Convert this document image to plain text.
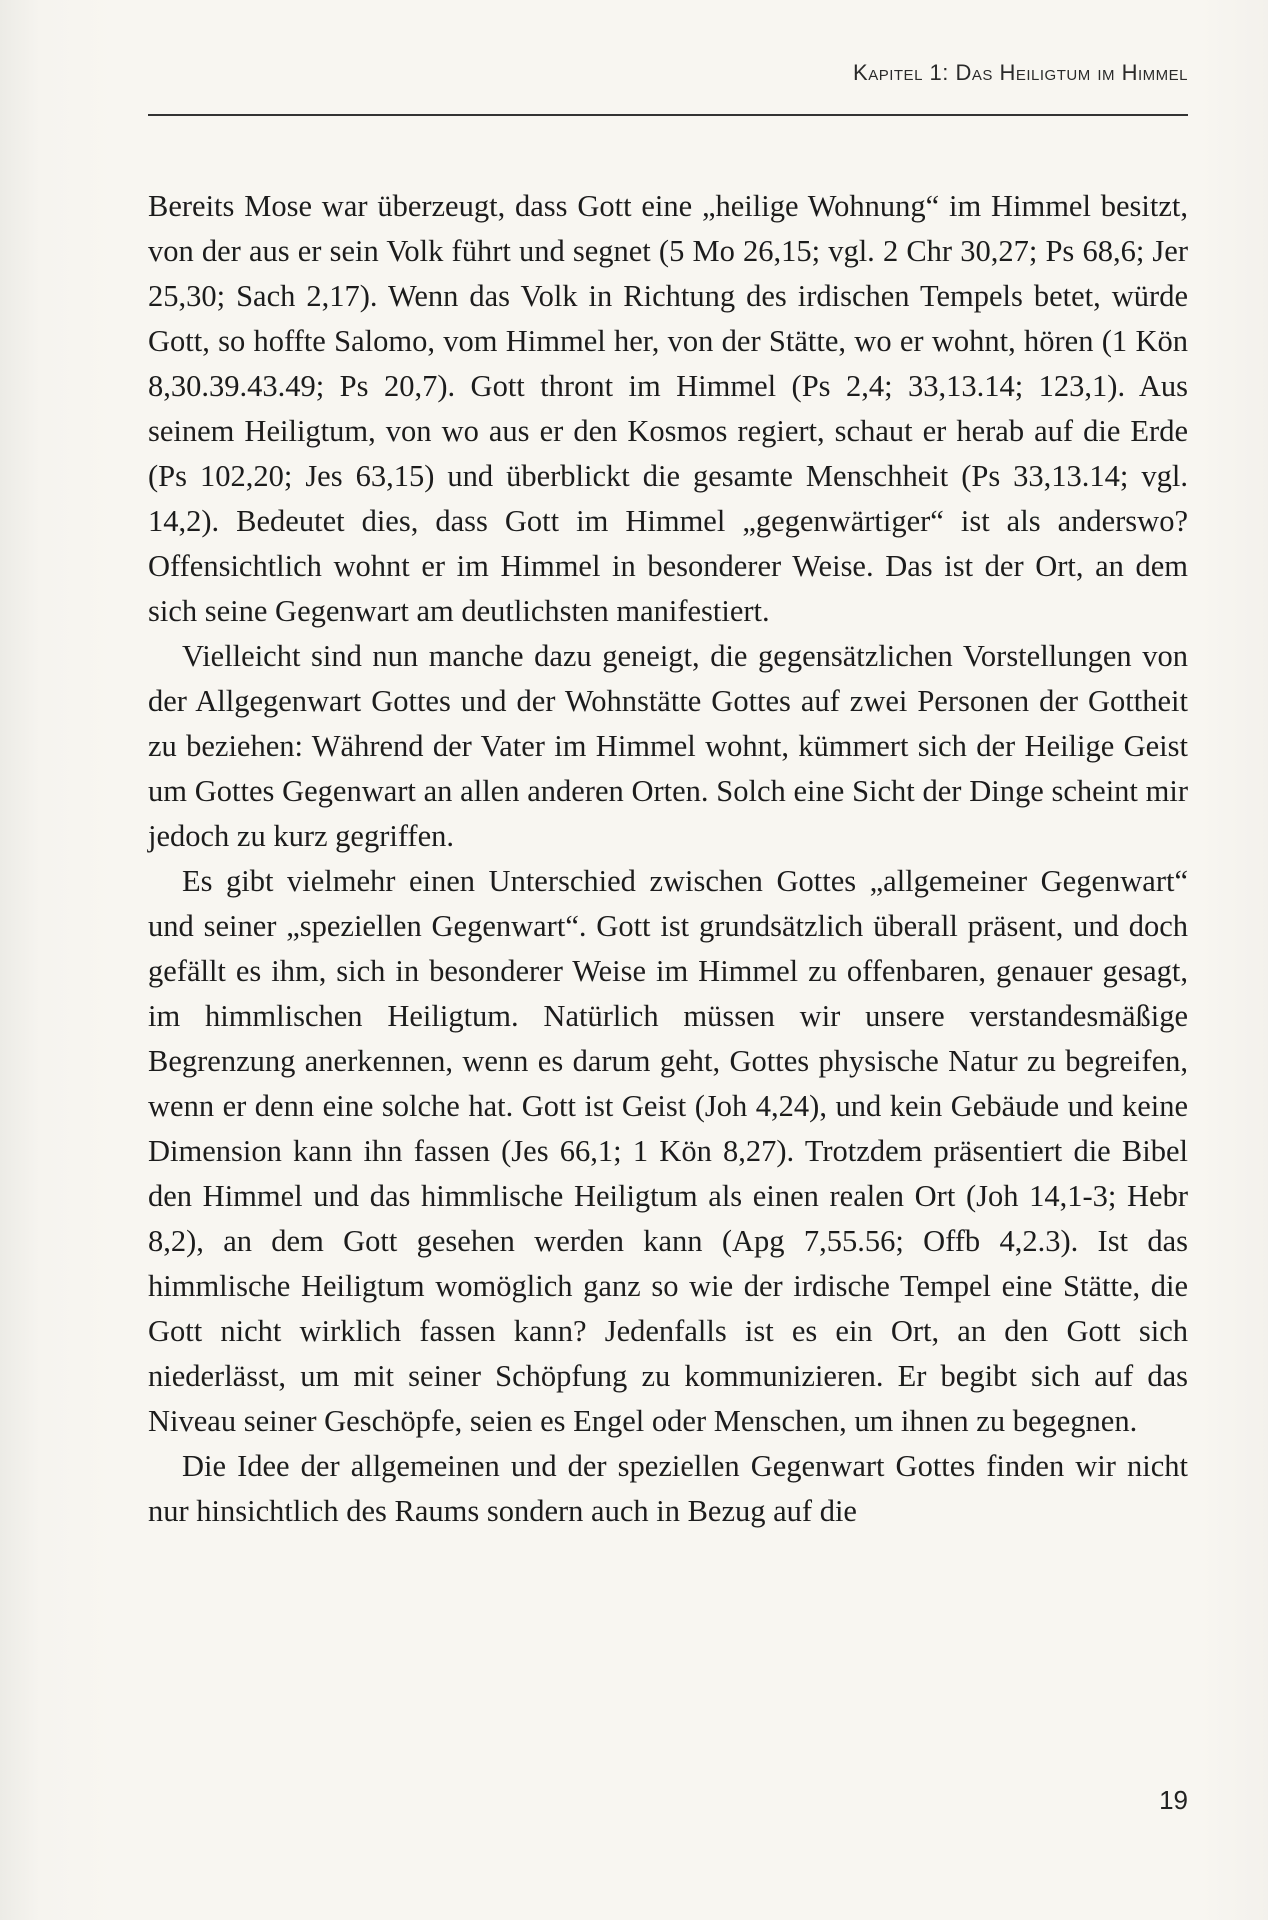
Kapitel 1: Das Heiligtum im Himmel

Bereits Mose war überzeugt, dass Gott eine „heilige Wohnung“ im Himmel besitzt, von der aus er sein Volk führt und segnet (5 Mo 26,15; vgl. 2 Chr 30,27; Ps 68,6; Jer 25,30; Sach 2,17). Wenn das Volk in Richtung des irdischen Tempels betet, würde Gott, so hoffte Salomo, vom Himmel her, von der Stätte, wo er wohnt, hören (1 Kön 8,30.39.43.49; Ps 20,7). Gott thront im Himmel (Ps 2,4; 33,13.14; 123,1). Aus seinem Heiligtum, von wo aus er den Kosmos regiert, schaut er herab auf die Erde (Ps 102,20; Jes 63,15) und überblickt die gesamte Menschheit (Ps 33,13.14; vgl. 14,2). Bedeutet dies, dass Gott im Himmel „gegenwärtiger“ ist als anderswo? Offensichtlich wohnt er im Himmel in besonderer Weise. Das ist der Ort, an dem sich seine Gegenwart am deutlichsten manifestiert.

Vielleicht sind nun manche dazu geneigt, die gegensätzlichen Vorstellungen von der Allgegenwart Gottes und der Wohnstätte Gottes auf zwei Personen der Gottheit zu beziehen: Während der Vater im Himmel wohnt, kümmert sich der Heilige Geist um Gottes Gegenwart an allen anderen Orten. Solch eine Sicht der Dinge scheint mir jedoch zu kurz gegriffen.

Es gibt vielmehr einen Unterschied zwischen Gottes „allgemeiner Gegenwart“ und seiner „speziellen Gegenwart“. Gott ist grundsätzlich überall präsent, und doch gefällt es ihm, sich in besonderer Weise im Himmel zu offenbaren, genauer gesagt, im himmlischen Heiligtum. Natürlich müssen wir unsere verstandesmäßige Begrenzung anerkennen, wenn es darum geht, Gottes physische Natur zu begreifen, wenn er denn eine solche hat. Gott ist Geist (Joh 4,24), und kein Gebäude und keine Dimension kann ihn fassen (Jes 66,1; 1 Kön 8,27). Trotzdem präsentiert die Bibel den Himmel und das himmlische Heiligtum als einen realen Ort (Joh 14,1-3; Hebr 8,2), an dem Gott gesehen werden kann (Apg 7,55.56; Offb 4,2.3). Ist das himmlische Heiligtum womöglich ganz so wie der irdische Tempel eine Stätte, die Gott nicht wirklich fassen kann? Jedenfalls ist es ein Ort, an den Gott sich niederlässt, um mit seiner Schöpfung zu kommunizieren. Er begibt sich auf das Niveau seiner Geschöpfe, seien es Engel oder Menschen, um ihnen zu begegnen.

Die Idee der allgemeinen und der speziellen Gegenwart Gottes finden wir nicht nur hinsichtlich des Raums sondern auch in Bezug auf die

19
